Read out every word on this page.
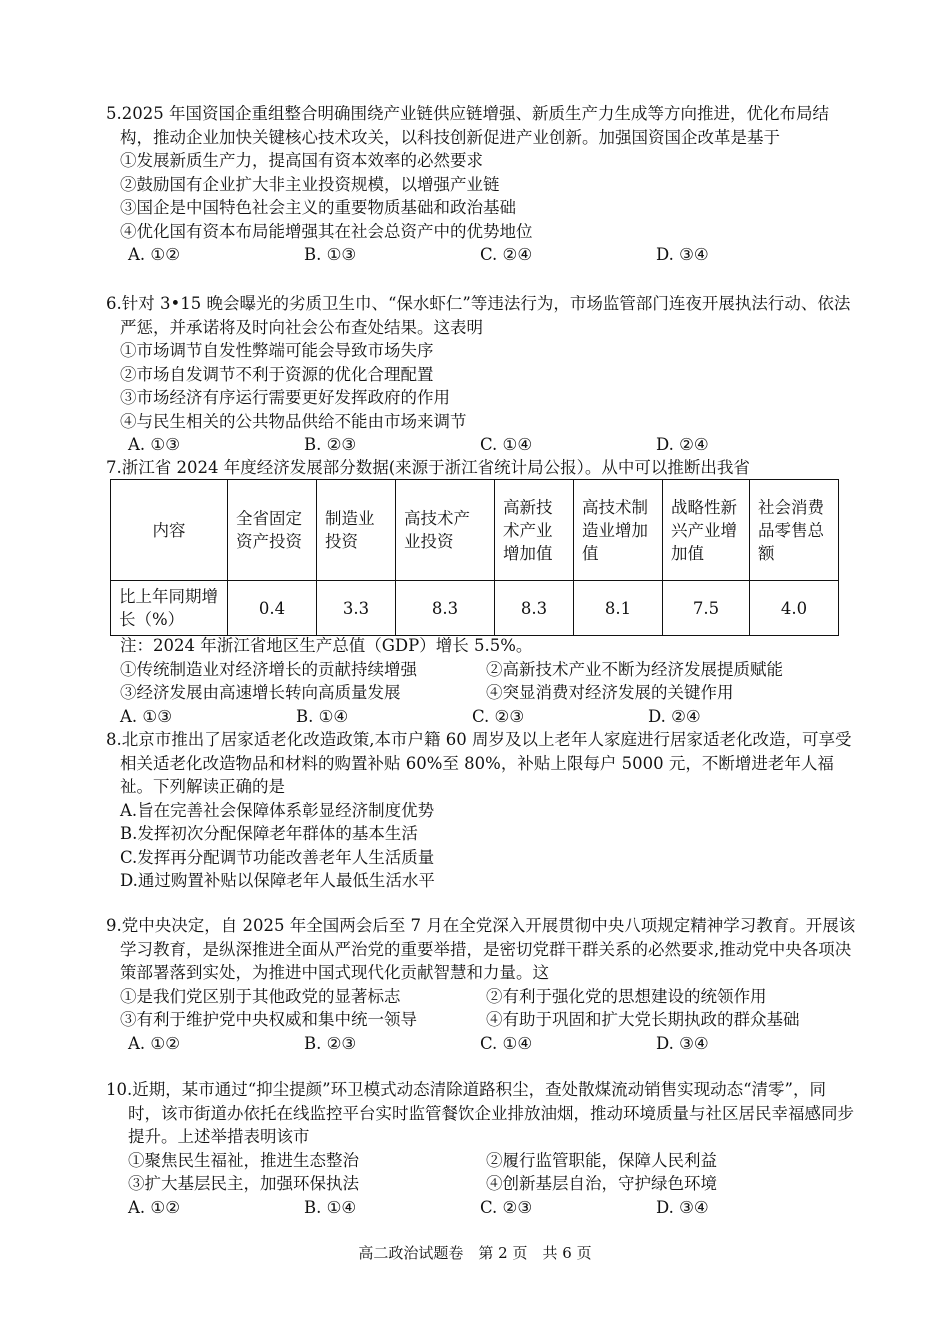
5.2025 年国资国企重组整合明确围绕产业链供应链增强、新质生产力生成等方向推进，优化布局结构，推动企业加快关键核心技术攻关，以科技创新促进产业创新。加强国资国企改革是基于
①发展新质生产力，提高国有资本效率的必然要求
②鼓励国有企业扩大非主业投资规模，以增强产业链
③国企是中国特色社会主义的重要物质基础和政治基础
④优化国有资本布局能增强其在社会总资产中的优势地位
A. ①②	B. ①③	C. ②④	D. ③④
6.针对 3•15 晚会曝光的劣质卫生巾、“保水虾仁”等违法行为，市场监管部门连夜开展执法行动、依法严惩，并承诺将及时向社会公布查处结果。这表明
①市场调节自发性弊端可能会导致市场失序
②市场自发调节不利于资源的优化合理配置
③市场经济有序运行需要更好发挥政府的作用
④与民生相关的公共物品供给不能由市场来调节
A. ①③	B. ②③	C. ①④	D. ②④
7.浙江省 2024 年度经济发展部分数据(来源于浙江省统计局公报）。从中可以推断出我省
内容	全省固定资产投资	制造业投资	高技术产业投资	高新技术产业增加值	高技术制造业增加值	战略性新兴产业增加值	社会消费品零售总额
比上年同期增长（%）	0.4	3.3	8.3	8.3	8.1	7.5	4.0
注：2024 年浙江省地区生产总值（GDP）增长 5.5%。
①传统制造业对经济增长的贡献持续增强	②高新技术产业不断为经济发展提质赋能
③经济发展由高速增长转向高质量发展	④突显消费对经济发展的关键作用
A. ①③	B. ①④	C. ②③	D. ②④
8.北京市推出了居家适老化改造政策,本市户籍 60 周岁及以上老年人家庭进行居家适老化改造，可享受相关适老化改造物品和材料的购置补贴 60%至 80%，补贴上限每户 5000 元，不断增进老年人福祉。下列解读正确的是
A.旨在完善社会保障体系彰显经济制度优势
B.发挥初次分配保障老年群体的基本生活
C.发挥再分配调节功能改善老年人生活质量
D.通过购置补贴以保障老年人最低生活水平
9.党中央决定，自 2025 年全国两会后至 7 月在全党深入开展贯彻中央八项规定精神学习教育。开展该学习教育，是纵深推进全面从严治党的重要举措，是密切党群干群关系的必然要求,推动党中央各项决策部署落到实处，为推进中国式现代化贡献智慧和力量。这
①是我们党区别于其他政党的显著标志	②有利于强化党的思想建设的统领作用
③有利于维护党中央权威和集中统一领导	④有助于巩固和扩大党长期执政的群众基础
A. ①②	B. ②③	C. ①④	D. ③④
10.近期，某市通过“抑尘提颜”环卫模式动态清除道路积尘，查处散煤流动销售实现动态“清零”，同时，该市街道办依托在线监控平台实时监管餐饮企业排放油烟，推动环境质量与社区居民幸福感同步提升。上述举措表明该市
①聚焦民生福祉，推进生态整治	②履行监管职能，保障人民利益
③扩大基层民主，加强环保执法	④创新基层自治，守护绿色环境
A. ①②	B. ①④	C. ②③	D. ③④
高二政治试题卷　第 2 页　共 6 页
